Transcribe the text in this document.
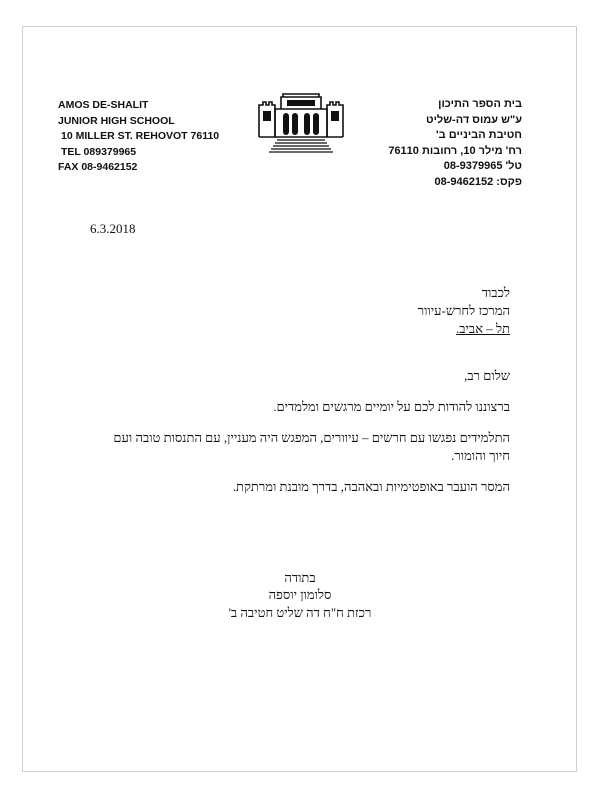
AMOS DE-SHALIT
JUNIOR HIGH SCHOOL
10 MILLER ST. REHOVOT 76110
TEL 089379965
FAX 08-9462152
בית הספר התיכון
ע"ש עמוס דה-שליט
חטיבת הביניים ב'
רח' מילר 10, רחובות 76110
טל' 08-9379965
פקס: 08-9462152
6.3.2018
לכבוד
המרכז לחרש-עיוור
תל – אביב.
שלום רב,
ברצוננו להודות לכם על יומיים מרגשים ומלמדים.
התלמידים נפגשו עם חרשים – עיוורים, המפגש היה מעניין, עם התנסות טובה ועם חיוך והומור.
המסר הועבר באופטימיות ובאהבה, בדרך מובנת ומרתקת.
בתודה
סלומון יוספה
רכזת ח"ח דה שליט חטיבה ב'
